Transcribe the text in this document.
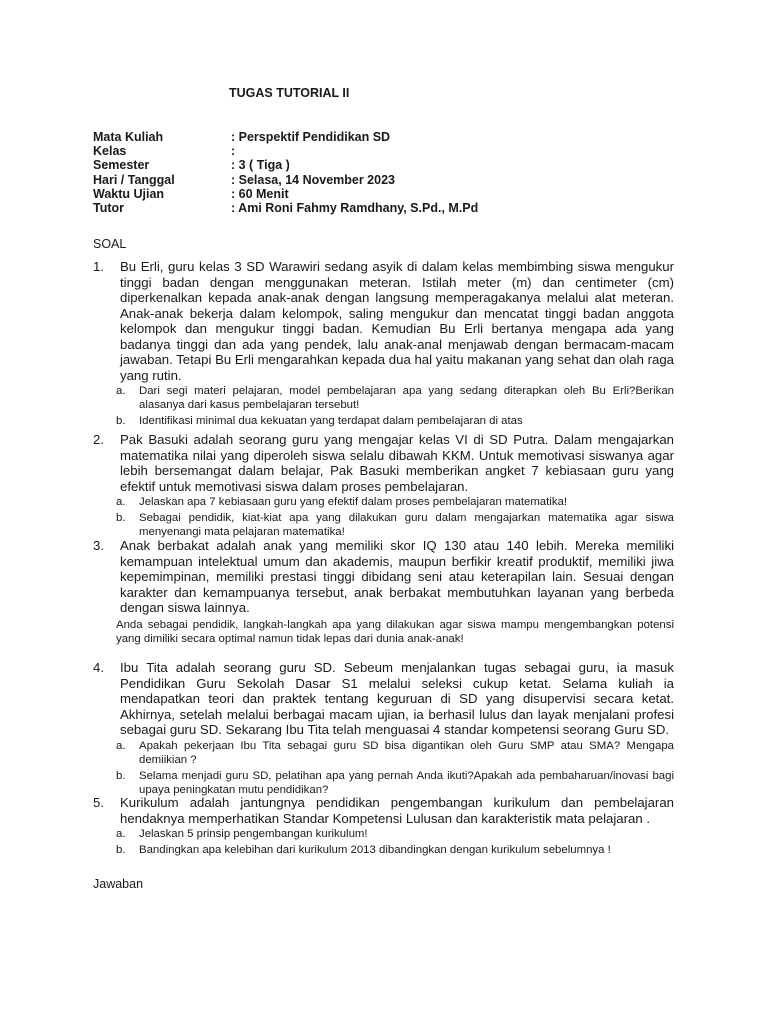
TUGAS TUTORIAL II
Mata Kuliah	: Perspektif Pendidikan SD
Kelas	:
Semester	: 3 ( Tiga )
Hari / Tanggal	: Selasa, 14 November 2023
Waktu Ujian	: 60 Menit
Tutor	: Ami Roni Fahmy Ramdhany, S.Pd., M.Pd
SOAL
1. Bu Erli, guru kelas 3 SD Warawiri sedang asyik di dalam kelas membimbing siswa mengukur tinggi badan dengan menggunakan meteran. Istilah meter (m) dan centimeter (cm) diperkenalkan kepada anak-anak dengan langsung memperagakanya melalui alat meteran. Anak-anak bekerja dalam kelompok, saling mengukur dan mencatat tinggi badan anggota kelompok dan mengukur tinggi badan. Kemudian Bu Erli bertanya mengapa ada yang badanya tinggi dan ada yang pendek, lalu anak-anal menjawab dengan bermacam-macam jawaban. Tetapi Bu Erli mengarahkan kepada dua hal yaitu makanan yang sehat dan olah raga yang rutin.
a. Dari segi materi pelajaran, model pembelajaran apa yang sedang diterapkan oleh Bu Erli?Berikan alasanya dari kasus pembelajaran tersebut!
b. Identifikasi minimal dua kekuatan yang terdapat dalam pembelajaran di atas
2. Pak Basuki adalah seorang guru yang mengajar kelas VI di SD Putra. Dalam mengajarkan matematika nilai yang diperoleh siswa selalu dibawah KKM. Untuk memotivasi siswanya agar lebih bersemangat dalam belajar, Pak Basuki memberikan angket 7 kebiasaan guru yang efektif untuk memotivasi siswa dalam proses pembelajaran.
a. Jelaskan apa 7 kebiasaan guru yang efektif dalam proses pembelajaran matematika!
b. Sebagai pendidik, kiat-kiat apa yang dilakukan guru dalam mengajarkan matematika agar siswa menyenangi mata pelajaran matematika!
3. Anak berbakat adalah anak yang memiliki skor IQ 130 atau 140 lebih. Mereka memiliki kemampuan intelektual umum dan akademis, maupun berfikir kreatif produktif, memiliki jiwa kepemimpinan, memiliki prestasi tinggi dibidang seni atau keterapilan lain. Sesuai dengan karakter dan kemampuanya tersebut, anak berbakat membutuhkan layanan yang berbeda dengan siswa lainnya.
Anda sebagai pendidik, langkah-langkah apa yang dilakukan agar siswa mampu mengembangkan potensi yang dimiliki secara optimal namun tidak lepas dari dunia anak-anak!
4. Ibu Tita adalah seorang guru SD. Sebeum menjalankan tugas sebagai guru, ia masuk Pendidikan Guru Sekolah Dasar S1 melalui seleksi cukup ketat. Selama kuliah ia mendapatkan teori dan praktek tentang keguruan di SD yang disupervisi secara ketat. Akhirnya, setelah melalui berbagai macam ujian, ia berhasil lulus dan layak menjalani profesi sebagai guru SD. Sekarang Ibu Tita telah menguasai 4 standar kompetensi seorang Guru SD.
a. Apakah pekerjaan Ibu Tita sebagai guru SD bisa digantikan oleh Guru SMP atau SMA? Mengapa demiikian ?
b. Selama menjadi guru SD, pelatihan apa yang pernah Anda ikuti?Apakah ada pembaharuan/inovasi bagi upaya peningkatan mutu pendidikan?
5. Kurikulum adalah jantungnya pendidikan pengembangan kurikulum dan pembelajaran hendaknya memperhatikan Standar Kompetensi Lulusan dan karakteristik mata pelajaran .
a. Jelaskan 5 prinsip pengembangan kurikulum!
b. Bandingkan apa kelebihan dari kurikulum 2013 dibandingkan dengan kurikulum sebelumnya !
Jawaban
